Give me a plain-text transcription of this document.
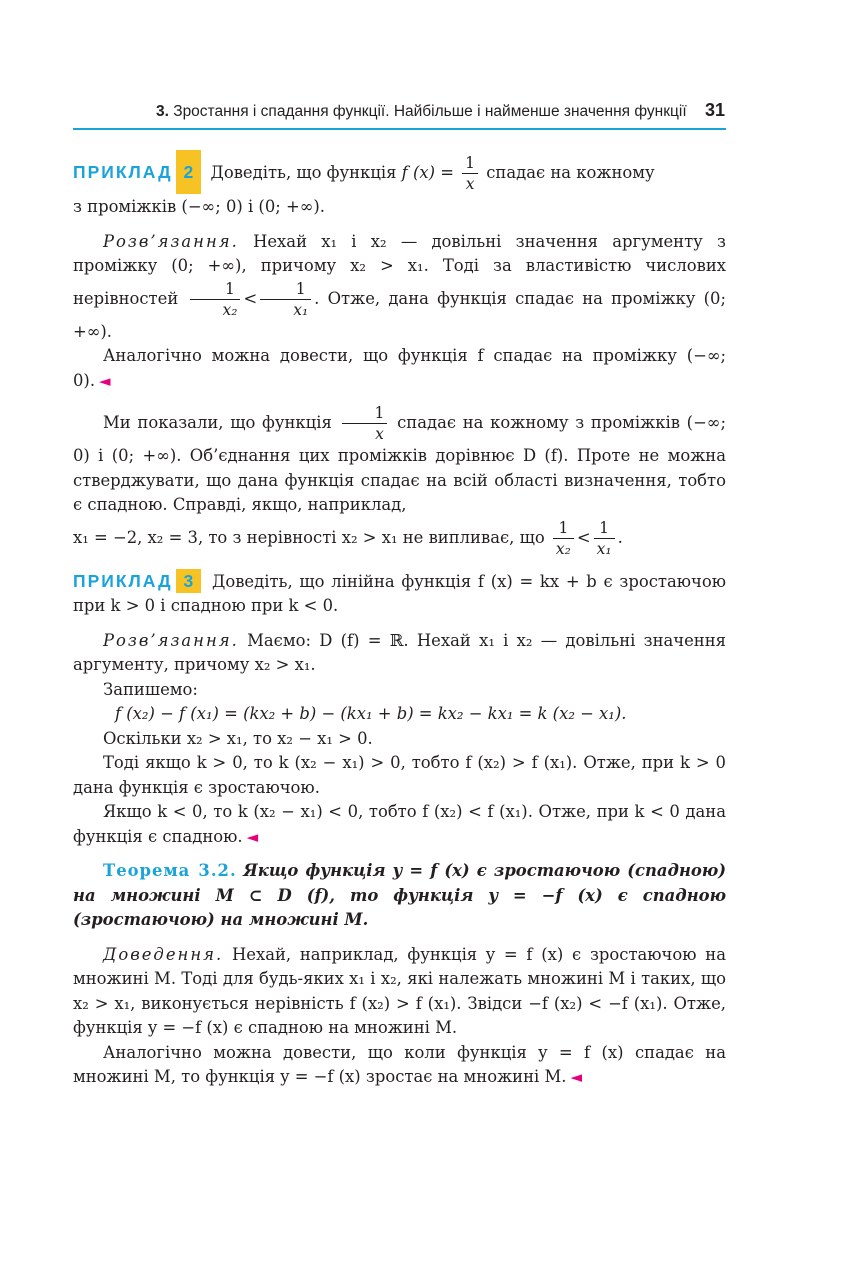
3. Зростання і спадання функції. Найбільше і найменше значення функції 31

ПРИКЛАД 2 Доведіть, що функція f $(x) = \frac{1}{x}$ спадає на кожному

з проміжків (−∞; 0) і (0; +∞).

Розв’язання. Нехай x₁ і x₂ — довільні значення аргументу з проміжку (0; +∞), причому x₂ > x₁. Тоді за властивістю числових нерівностей $\frac{1}{\text{x₂}} < \frac{1}{\text{x₁}}$ . Отже, дана функція спадає на проміжку (0; +∞).

Аналогічно можна довести, що функція f спадає на проміжку (−∞; 0). ◄

Ми показали, що функція $\frac{1}{x}$ спадає на кожному з проміжків (−∞; 0) і (0; +∞). Об’єднання цих проміжків дорівнює D (f). Проте не можна стверджувати, що дана функція спадає на всій області визначення, тобто є спадною. Справді, якщо, наприклад,

x₁ = −2, x₂ = 3, то з нерівності x₂ > x₁ не випливає, що $\frac{1}{\text{x₂}} < \frac{1}{\text{x₁}}$ .

ПРИКЛАД 3 Доведіть, що лінійна функція f (x) = kx + b є зростаючою при k > 0 і спадною при k < 0.

Розв’язання. Маємо: D (f) = ℝ. Нехай x₁ і x₂ — довільні значення аргументу, причому x₂ > x₁.

Запишемо:

f (x₂) − f (x₁) = (kx₂ + b) − (kx₁ + b) = kx₂ − kx₁ = k (x₂ − x₁).

Оскільки x₂ > x₁, то x₂ − x₁ > 0.

Тоді якщо k > 0, то k (x₂ − x₁) > 0, тобто f (x₂) > f (x₁). Отже, при k > 0 дана функція є зростаючою.

Якщо k < 0, то k (x₂ − x₁) < 0, тобто f (x₂) < f (x₁). Отже, при k < 0 дана функція є спадною. ◄

Теорема 3.2. Якщо функція y = f (x) є зростаючою (спадною) на множині M ⊂ D (f), то функція y = −f (x) є спадною (зростаючою) на множині M.

Доведення. Нехай, наприклад, функція y = f (x) є зростаючою на множині M. Тоді для будь-яких x₁ і x₂, які належать множині M і таких, що x₂ > x₁, виконується нерівність f (x₂) > f (x₁). Звідси −f (x₂) < −f (x₁). Отже, функція y = −f (x) є спадною на множині M.

Аналогічно можна довести, що коли функція y = f (x) спадає на множині M, то функція y = −f (x) зростає на множині M. ◄
